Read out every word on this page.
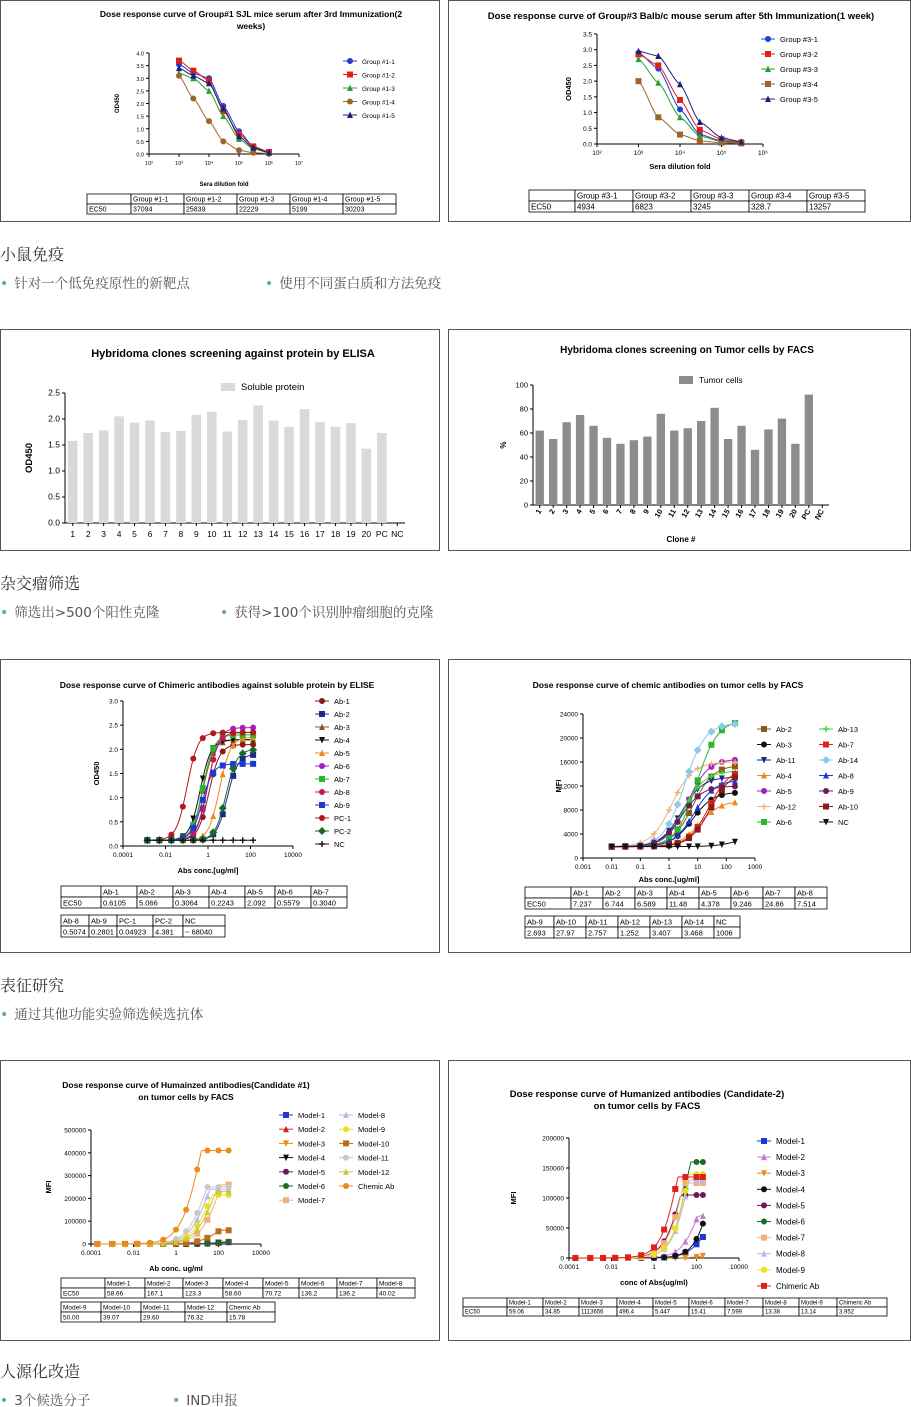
Dose response curve of Group#1 SJL mice serum after 3rd Immunization(2
weeks)
0.0
0.5
1.0
1.5
2.0
2.5
3.0
3.5
4.0
10²	10³	10⁴	10⁵	10⁶	10⁷
OD450
Sera dilution fold
Group #1-1
Group #1-2
Group #1-3
Group #1-4
Group #1-5
Group #1-1	Group #1-2	Group #1-3	Group #1-4	Group #1-5
EC50	37094	25839	22229	5199	30203
Dose response curve of Group#3 Balb/c mouse serum after 5th Immunization(1 week)
0.0
0.5
1.0
1.5
2.0
2.5
3.0
3.5
10²	10³	10⁴	10⁵	10⁶
OD450
Sera dilution fold
Group #3-1
Group #3-2
Group #3-3
Group #3-4
Group #3-5
Group #3-1 Group #3-2 Group #3-3 Group #3-4 Group #3-5
EC50	4934	6823	3245	328.7	13257
小鼠免疫
• 针对一个低免疫原性的新靶点	• 使用不同蛋白质和方法免疫
Hybridoma clones screening against protein by ELISA
0.0
0.5
1.0
1.5
2.0
2.5
OD450
1 2 3 4 5 6 7 8 9 10 11 12 13 14 15 16 17 18 19 20 PC NC
Soluble protein
Hybridoma clones screening on Tumor cells by FACS
0
20
40
60
80
100
%
Clone #
1 2 3 4 5 6 7 8 9 10 11 12 13 14 15 16 17 18 19 20 PC NC
Tumor cells
杂交瘤筛选
• 筛选出>500个阳性克隆	• 获得>100个识别肿瘤细胞的克隆
Dose response curve of Chimeric antibodies against soluble protein by ELISE
0.0
0.5
1.0
1.5
2.0
2.5
3.0
0.0001	0.01	1	100	10000
OD450
Abs conc.[ug/ml]
Ab-1
Ab-2
Ab-3
Ab-4
Ab-5
Ab-6
Ab-7
Ab-8
Ab-9
PC-1
PC-2
NC
Ab-1	Ab-2	Ab-3	Ab-4	Ab-5 Ab-6	Ab-7
EC50	0.6105 5.066 0.3064 0.2243 2.092 0.5579 0.3040
Ab-8 Ab-9 PC-1	PC-2 NC
0.5074 0.2801 0.04923 4.381 ~ 68040
Dose response curve of chemic antibodies on tumor cells by FACS
0
4000
8000
12000
16000
20000
24000
0.001 0.01	0.1	1	10	100 1000
MFI
Abs conc.[ug/ml]
Ab-2
Ab-3
Ab-11
Ab-4
Ab-5
Ab-12
Ab-6
Ab-13
Ab-7
Ab-14
Ab-8
Ab-9
Ab-10
NC
Ab-1 Ab-2 Ab-3 Ab-4 Ab-5 Ab-6 Ab-7 Ab-8
EC50	7.237 6.744 6.589 11.48 4.378 9.246 24.86 7.514
Ab-9 Ab-10 Ab-11 Ab-12 Ab-13 Ab-14 NC
2.693 27.97 2.757 1.252 3.407 3.468 1006
表征研究
• 通过其他功能实验筛选候选抗体
Dose response curve of Humainzed antibodies(Candidate #1)
on tumor cells by FACS
0
100000
200000
300000
400000
500000
0.0001	0.01	1	100	10000
MFI
Ab conc. ug/ml
Model-1
Model-2
Model-3
Model-4
Model-5
Model-6
Model-7
Model-8
Model-9
Model-10
Model-11
Model-12
Chemic Ab
Model-1	Model-2 Model-3	Model-4	Model-5 Model-6 Model-7	Model-8
EC50	58.66	167.1	123.3	58.60	70.72	136.2	136.2	40.02
Model-9	Model-10 Model-11	Model-12 Chemic Ab
50.00	39.07	29.60	76.32	15.78
Dose response curve of Humanized antibodies (Candidate-2)
on tumor cells by FACS
0
50000
100000
150000
200000
0.0001	0.01	1	100	10000
MFI
conc of Abs(ug/ml)
Model-1
Model-2
Model-3
Model-4
Model-5
Model-6
Model-7
Model-8
Model-9
Chimeric Ab
Model-1 Model-2 Model-3	Model-4 Model-5 Model-6 Model-7	Model-8 Model-9	Chimeric Ab
EC50	59.06	34.85	1113656	496.4	5.447	15.41	7.599	13.38	13.14	3.952
人源化改造
• 3个候选分子	• IND申报
